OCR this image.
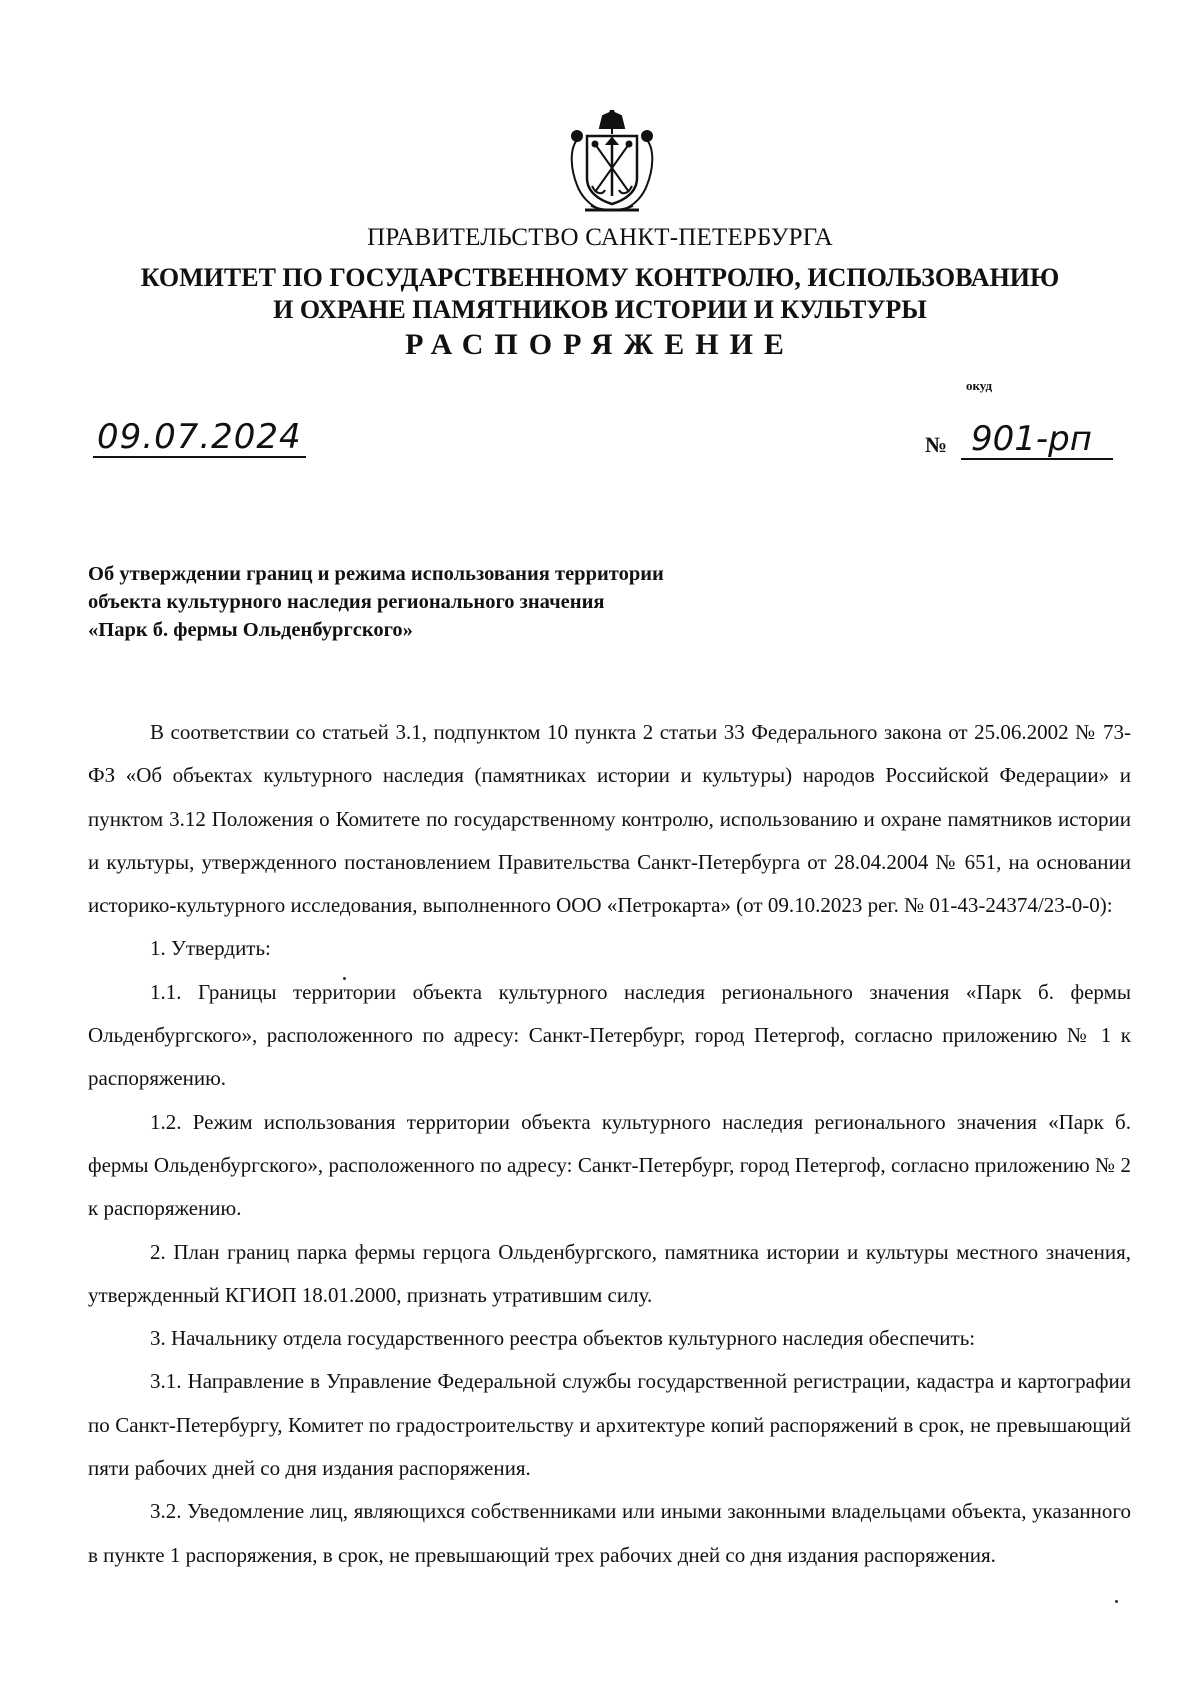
ПРАВИТЕЛЬСТВО САНКТ-ПЕТЕРБУРГА
КОМИТЕТ ПО ГОСУДАРСТВЕННОМУ КОНТРОЛЮ, ИСПОЛЬЗОВАНИЮ
И ОХРАНЕ ПАМЯТНИКОВ ИСТОРИИ И КУЛЬТУРЫ
РАСПОРЯЖЕНИЕ
окуд
09.07.2024	№ 901-рп
Об утверждении границ и режима использования территории
объекта культурного наследия регионального значения
«Парк б. фермы Ольденбургского»

В соответствии со статьей 3.1, подпунктом 10 пункта 2 статьи 33 Федерального закона от 25.06.2002 № 73-ФЗ «Об объектах культурного наследия (памятниках истории и культуры) народов Российской Федерации» и пунктом 3.12 Положения о Комитете по государственному контролю, использованию и охране памятников истории и культуры, утвержденного постановлением Правительства Санкт-Петербурга от 28.04.2004 № 651, на основании историко-культурного исследования, выполненного ООО «Петрокарта» (от 09.10.2023 рег. № 01-43-24374/23-0-0):

1. Утвердить:

1.1. Границы территории объекта культурного наследия регионального значения «Парк б. фермы Ольденбургского», расположенного по адресу: Санкт-Петербург, город Петергоф, согласно приложению № 1 к распоряжению.

1.2. Режим использования территории объекта культурного наследия регионального значения «Парк б. фермы Ольденбургского», расположенного по адресу: Санкт-Петербург, город Петергоф, согласно приложению № 2 к распоряжению.

2. План границ парка фермы герцога Ольденбургского, памятника истории и культуры местного значения, утвержденный КГИОП 18.01.2000, признать утратившим силу.

3. Начальнику отдела государственного реестра объектов культурного наследия обеспечить:

3.1. Направление в Управление Федеральной службы государственной регистрации, кадастра и картографии по Санкт-Петербургу, Комитет по градостроительству и архитектуре копий распоряжений в срок, не превышающий пяти рабочих дней со дня издания распоряжения.

3.2. Уведомление лиц, являющихся собственниками или иными законными владельцами объекта, указанного в пункте 1 распоряжения, в срок, не превышающий трех рабочих дней со дня издания распоряжения.
